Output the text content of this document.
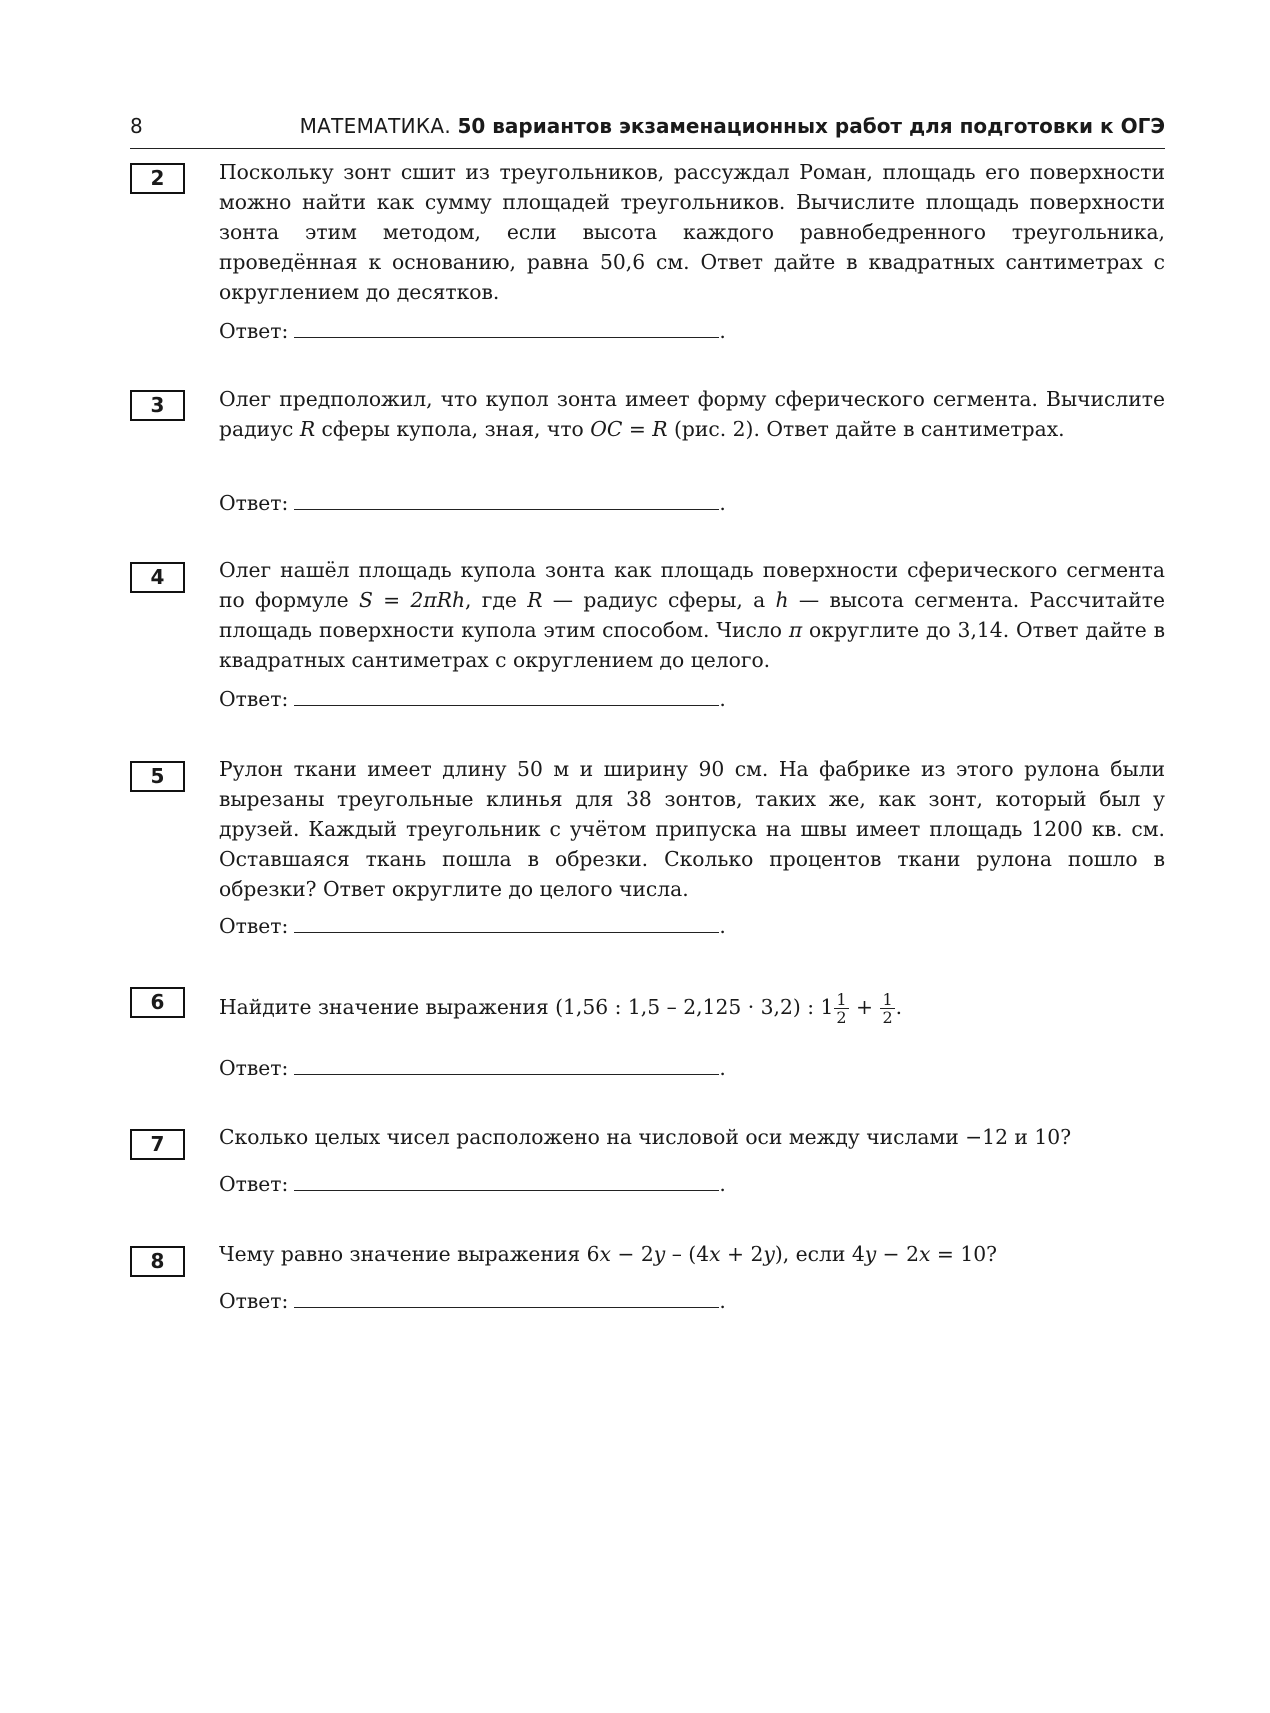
8	МАТЕМАТИКА. 50 вариантов экзаменационных работ для подготовки к ОГЭ
2	Поскольку зонт сшит из треугольников, рассуждал Роман, площадь его поверхности можно найти как сумму площадей треугольников. Вычислите площадь поверхности зонта этим методом, если высота каждого равнобедренного треугольника, проведённая к основанию, равна 50,6 см. Ответ дайте в квадратных сантиметрах с округлением до десятков.
Ответ:	.
3	Олег предположил, что купол зонта имеет форму сферического сегмента. Вычислите радиус R сферы купола, зная, что OC = R (рис. 2). Ответ дайте в сантиметрах.
Ответ:	.
4	Олег нашёл площадь купола зонта как площадь поверхности сферического сегмента по формуле S = 2πRh, где R — радиус сферы, а h — высота сегмента. Рассчитайте площадь поверхности купола этим способом. Число π округлите до 3,14. Ответ дайте в квадратных сантиметрах с округлением до целого.
Ответ:	.
5	Рулон ткани имеет длину 50 м и ширину 90 см. На фабрике из этого рулона были вырезаны треугольные клинья для 38 зонтов, таких же, как зонт, который был у друзей. Каждый треугольник с учётом припуска на швы имеет площадь 1200 кв. см. Оставшаяся ткань пошла в обрезки. Сколько процентов ткани рулона пошло в обрезки? Ответ округлите до целого числа.
Ответ:	.
6	Найдите значение выражения (1,56 : 1,5 – 2,125 · 3,2) : $1 \frac{1}{2} + \frac{1}{2}$ .
Ответ:	.
7	Сколько целых чисел расположено на числовой оси между числами −12 и 10?
Ответ:	.
8	Чему равно значение выражения 6x − 2y – (4x + 2y), если 4y − 2x = 10?
Ответ:	.
